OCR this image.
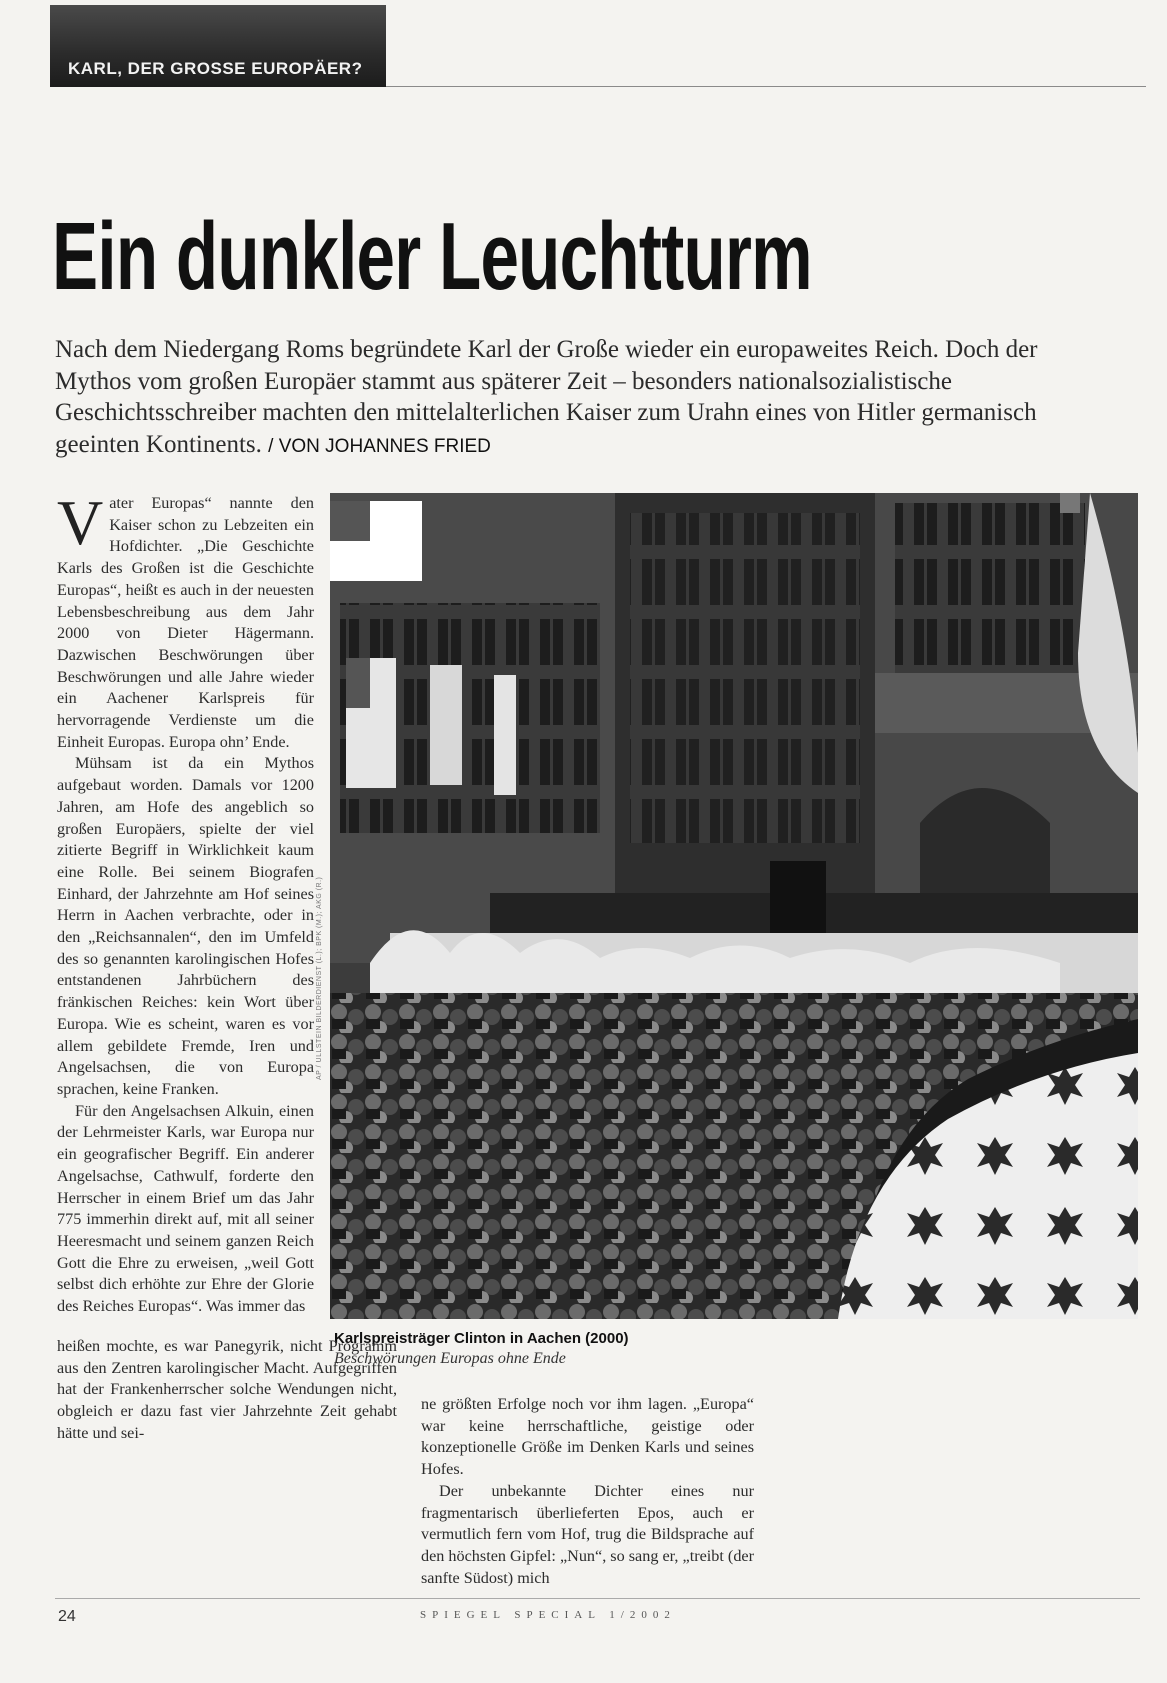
KARL, DER GROSSE EUROPÄER?
Ein dunkler Leuchtturm
Nach dem Niedergang Roms begründete Karl der Große wieder ein europaweites Reich. Doch der Mythos vom großen Europäer stammt aus späterer Zeit – besonders nationalsozialistische Geschichtsschreiber machten den mittelalterlichen Kaiser zum Urahn eines von Hitler germanisch geeinten Kontinents. / VON JOHANNES FRIED

Vater Europas“ nannte den Kaiser schon zu Lebzeiten ein Hofdichter. „Die Geschichte Karls des Großen ist die Geschichte Europas“, heißt es auch in der neuesten Lebensbeschreibung aus dem Jahr 2000 von Dieter Hägermann. Dazwischen Beschwörungen über Beschwörungen und alle Jahre wieder ein Aachener Karlspreis für hervorragende Verdienste um die Einheit Europas. Europa ohn’ Ende.

Mühsam ist da ein Mythos aufgebaut worden. Damals vor 1200 Jahren, am Hofe des angeblich so großen Europäers, spielte der viel zitierte Begriff in Wirklichkeit kaum eine Rolle. Bei seinem Biografen Einhard, der Jahrzehnte am Hof seines Herrn in Aachen verbrachte, oder in den „Reichsannalen“, den im Umfeld des so genannten karolingischen Hofes entstandenen Jahrbüchern des fränkischen Reiches: kein Wort über Europa. Wie es scheint, waren es vor allem gebildete Fremde, Iren und Angelsachsen, die von Europa sprachen, keine Franken.

Für den Angelsachsen Alkuin, einen der Lehrmeister Karls, war Europa nur ein geografischer Begriff. Ein anderer Angelsachse, Cathwulf, forderte den Herrscher in einem Brief um das Jahr 775 immerhin direkt auf, mit all seiner Heeresmacht und seinem ganzen Reich Gott die Ehre zu erweisen, „weil Gott selbst dich erhöhte zur Ehre der Glorie des Reiches Europas“. Was immer das

AP / ULLSTEIN BILDERDIENST (L.); BPK (M.); AKG (R.)
Karlspreisträger Clinton in Aachen (2000)
Beschwörungen Europas ohne Ende

ne größten Erfolge noch vor ihm lagen. „Europa“ war keine herrschaftliche, geistige oder konzeptionelle Größe im Denken Karls und seines Hofes.

Der unbekannte Dichter eines nur fragmentarisch überlieferten Epos, auch er vermutlich fern vom Hof, trug die Bildsprache auf den höchsten Gipfel: „Nun“, so sang er, „treibt (der sanfte Südost) mich

24	SPIEGEL SPECIAL 1/2002
heißen mochte, es war Panegyrik, nicht Programm aus den Zentren karolingischer Macht. Aufgegriffen hat der Frankenherrscher solche Wendungen nicht, obgleich er dazu fast vier Jahrzehnte Zeit gehabt hätte und sei-
